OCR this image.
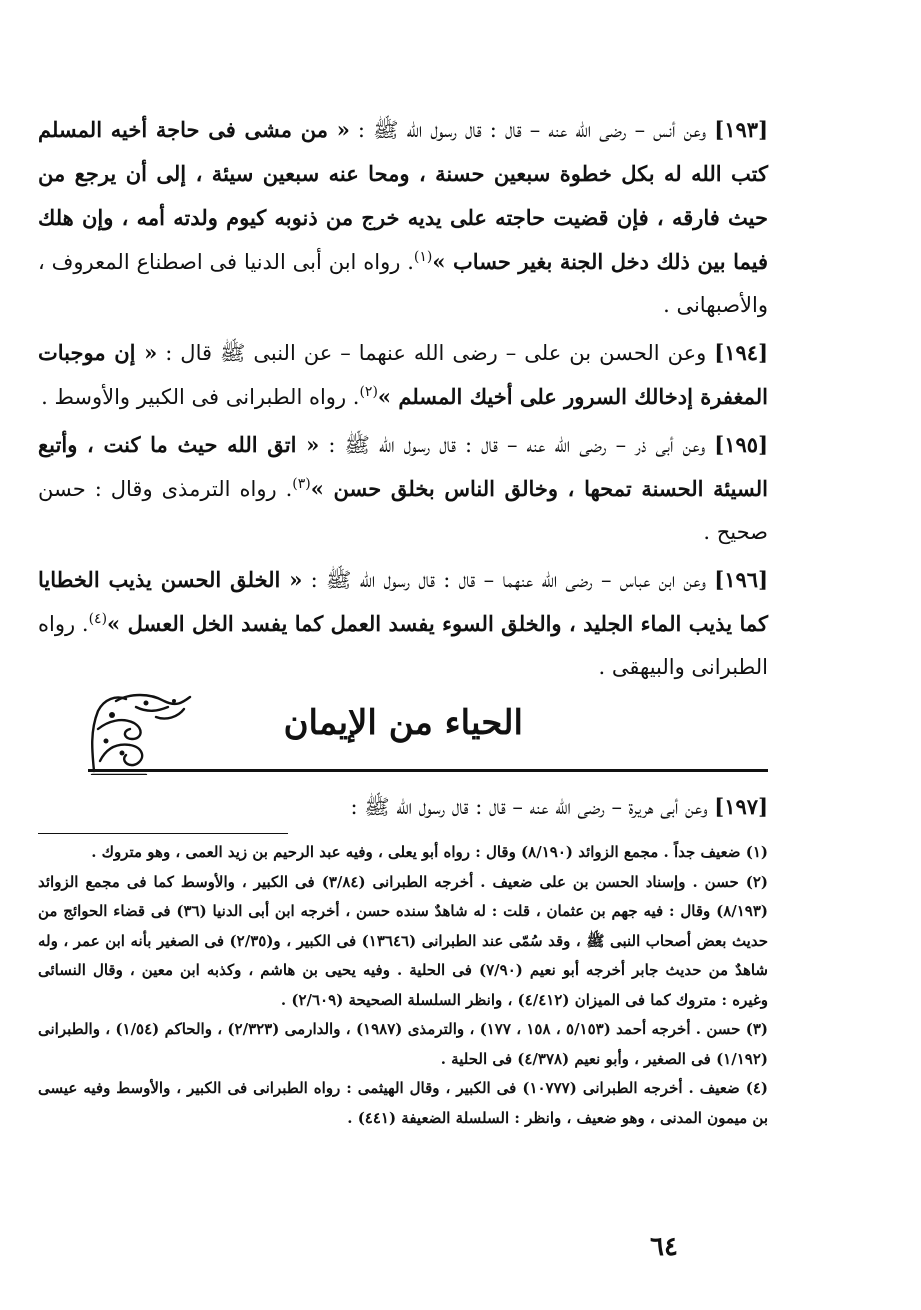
[١٩٣] وعن أنس – رضى الله عنه – قال : قال رسول الله ﷺ : « من مشى فى حاجة أخيه المسلم كتب الله له بكل خطوة سبعين حسنة ، ومحا عنه سبعين سيئة ، إلى أن يرجع من حيث فارقه ، فإن قضيت حاجته على يديه خرج من ذنوبه كيوم ولدته أمه ، وإن هلك فيما بين ذلك دخل الجنة بغير حساب »$^{(١)}$. رواه ابن أبى الدنيا فى اصطناع المعروف ، والأصبهانى .

[١٩٤] وعن الحسن بن على – رضى الله عنهما – عن النبى ﷺ قال : « إن موجبات المغفرة إدخالك السرور على أخيك المسلم »$^{(٢)}$. رواه الطبرانى فى الكبير والأوسط .

[١٩٥] وعن أبى ذر – رضى الله عنه – قال : قال رسول الله ﷺ : « اتق الله حيث ما كنت ، وأتبع السيئة الحسنة تمحها ، وخالق الناس بخلق حسن »$^{(٣)}$. رواه الترمذى وقال : حسن صحيح .

[١٩٦] وعن ابن عباس – رضى الله عنهما – قال : قال رسول الله ﷺ : « الخلق الحسن يذيب الخطايا كما يذيب الماء الجليد ، والخلق السوء يفسد العمل كما يفسد الخل العسل »$^{(٤)}$. رواه الطبرانى والبيهقى .

الحياء من الإيمان

[١٩٧] وعن أبى هريرة – رضى الله عنه – قال : قال رسول الله ﷺ :

(١) ضعيف جداً . مجمع الزوائد (٨/١٩٠) وقال : رواه أبو يعلى ، وفيه عبد الرحيم بن زيد العمى ، وهو متروك .

(٢) حسن . وإسناد الحسن بن على ضعيف . أخرجه الطبرانى (٣/٨٤) فى الكبير ، والأوسط كما فى مجمع الزوائد (٨/١٩٣) وقال : فيه جهم بن عثمان ، قلت : له شاهدٌ سنده حسن ، أخرجه ابن أبى الدنيا (٣٦) فى قضاء الحوائج من حديث بعض أصحاب النبى ﷺ ، وقد سُمّى عند الطبرانى (١٣٦٤٦) فى الكبير ، و(٢/٣٥) فى الصغير بأنه ابن عمر ، وله شاهدٌ من حديث جابر أخرجه أبو نعيم (٧/٩٠) فى الحلية . وفيه يحيى بن هاشم ، وكذبه ابن معين ، وقال النسائى وغيره : متروك كما فى الميزان (٤/٤١٢) ، وانظر السلسلة الصحيحة (٢/٦٠٩) .

(٣) حسن . أخرجه أحمد (٥/١٥٣ ، ١٥٨ ، ١٧٧) ، والترمذى (١٩٨٧) ، والدارمى (٢/٣٢٣) ، والحاكم (١/٥٤) ، والطبرانى (١/١٩٢) فى الصغير ، وأبو نعيم (٤/٣٧٨) فى الحلية .

(٤) ضعيف . أخرجه الطبرانى (١٠٧٧٧) فى الكبير ، وقال الهيثمى : رواه الطبرانى فى الكبير ، والأوسط وفيه عيسى بن ميمون المدنى ، وهو ضعيف ، وانظر : السلسلة الضعيفة (٤٤١) .

٦٤
